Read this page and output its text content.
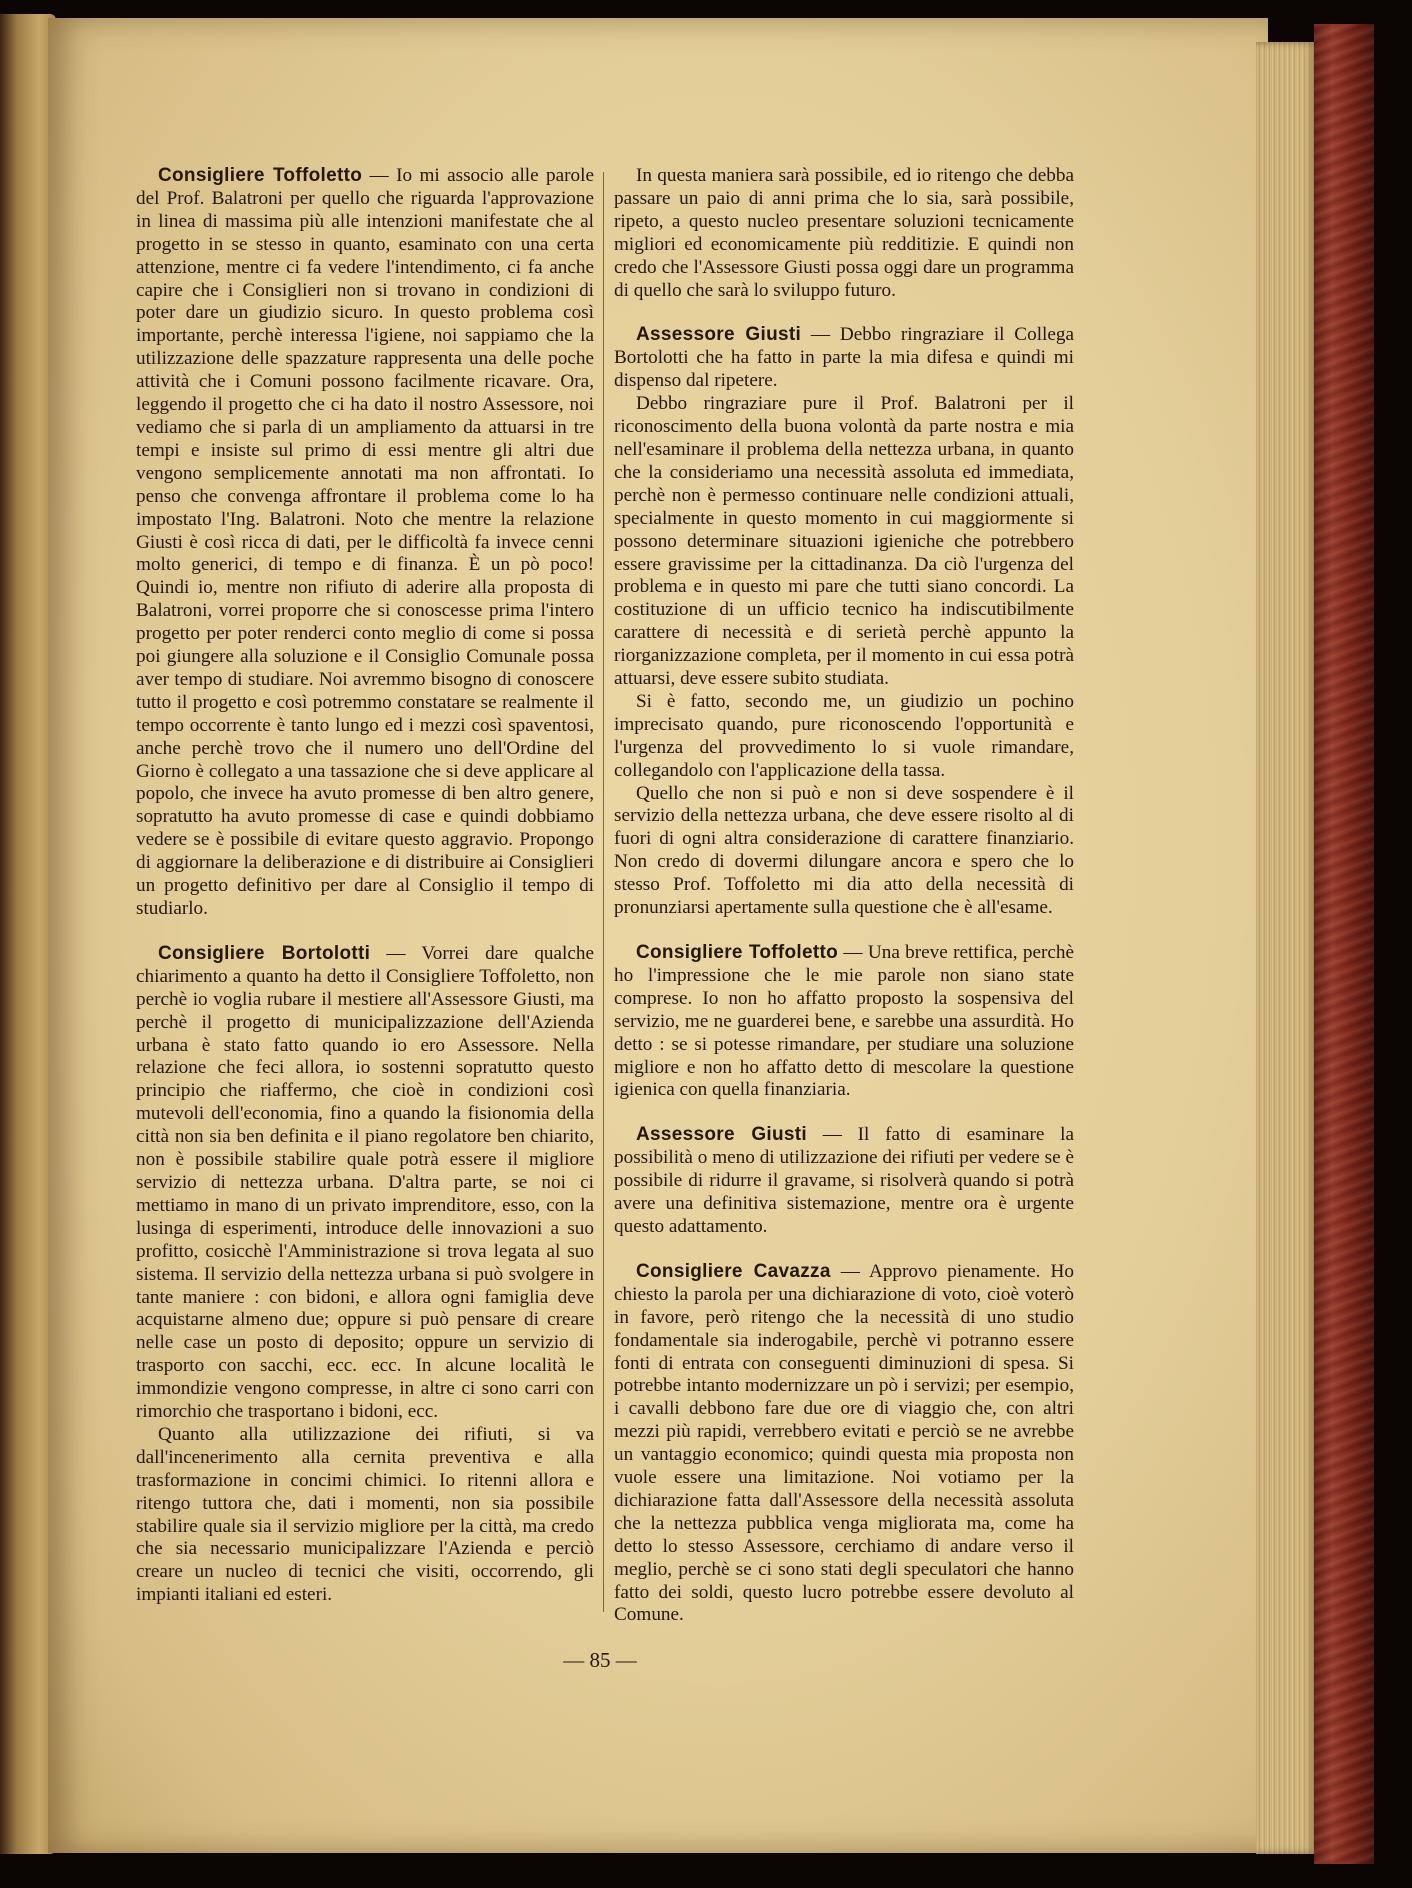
Consigliere Toffoletto — Io mi associo alle parole del Prof. Balatroni per quello che riguarda l'approvazione in linea di massima più alle intenzioni manifestate che al progetto in se stesso in quanto, esaminato con una certa attenzione, mentre ci fa vedere l'intendimento, ci fa anche capire che i Consiglieri non si trovano in condizioni di poter dare un giudizio sicuro. In questo problema così importante, perchè interessa l'igiene, noi sappiamo che la utilizzazione delle spazzature rappresenta una delle poche attività che i Comuni possono facilmente ricavare. Ora, leggendo il progetto che ci ha dato il nostro Assessore, noi vediamo che si parla di un ampliamento da attuarsi in tre tempi e insiste sul primo di essi mentre gli altri due vengono semplicemente annotati ma non affrontati. Io penso che convenga affrontare il problema come lo ha impostato l'Ing. Balatroni. Noto che mentre la relazione Giusti è così ricca di dati, per le difficoltà fa invece cenni molto generici, di tempo e di finanza. È un pò poco! Quindi io, mentre non rifiuto di aderire alla proposta di Balatroni, vorrei proporre che si conoscesse prima l'intero progetto per poter renderci conto meglio di come si possa poi giungere alla soluzione e il Consiglio Comunale possa aver tempo di studiare. Noi avremmo bisogno di conoscere tutto il progetto e così potremmo constatare se realmente il tempo occorrente è tanto lungo ed i mezzi così spaventosi, anche perchè trovo che il numero uno dell'Ordine del Giorno è collegato a una tassazione che si deve applicare al popolo, che invece ha avuto promesse di ben altro genere, sopratutto ha avuto promesse di case e quindi dobbiamo vedere se è possibile di evitare questo aggravio. Propongo di aggiornare la deliberazione e di distribuire ai Consiglieri un progetto definitivo per dare al Consiglio il tempo di studiarlo.

Consigliere Bortolotti — Vorrei dare qualche chiarimento a quanto ha detto il Consigliere Toffoletto, non perchè io voglia rubare il mestiere all'Assessore Giusti, ma perchè il progetto di municipalizzazione dell'Azienda urbana è stato fatto quando io ero Assessore. Nella relazione che feci allora, io sostenni sopratutto questo principio che riaffermo, che cioè in condizioni così mutevoli dell'economia, fino a quando la fisionomia della città non sia ben definita e il piano regolatore ben chiarito, non è possibile stabilire quale potrà essere il migliore servizio di nettezza urbana. D'altra parte, se noi ci mettiamo in mano di un privato imprenditore, esso, con la lusinga di esperimenti, introduce delle innovazioni a suo profitto, cosicchè l'Amministrazione si trova legata al suo sistema. Il servizio della nettezza urbana si può svolgere in tante maniere : con bidoni, e allora ogni famiglia deve acquistarne almeno due; oppure si può pensare di creare nelle case un posto di deposito; oppure un servizio di trasporto con sacchi, ecc. ecc. In alcune località le immondizie vengono compresse, in altre ci sono carri con rimorchio che trasportano i bidoni, ecc.

Quanto alla utilizzazione dei rifiuti, si va dall'incenerimento alla cernita preventiva e alla trasformazione in concimi chimici. Io ritenni allora e ritengo tuttora che, dati i momenti, non sia possibile stabilire quale sia il servizio migliore per la città, ma credo che sia necessario municipalizzare l'Azienda e perciò creare un nucleo di tecnici che visiti, occorrendo, gli impianti italiani ed esteri.

In questa maniera sarà possibile, ed io ritengo che debba passare un paio di anni prima che lo sia, sarà possibile, ripeto, a questo nucleo presentare soluzioni tecnicamente migliori ed economicamente più redditizie. E quindi non credo che l'Assessore Giusti possa oggi dare un programma di quello che sarà lo sviluppo futuro.

Assessore Giusti — Debbo ringraziare il Collega Bortolotti che ha fatto in parte la mia difesa e quindi mi dispenso dal ripetere.

Debbo ringraziare pure il Prof. Balatroni per il riconoscimento della buona volontà da parte nostra e mia nell'esaminare il problema della nettezza urbana, in quanto che la consideriamo una necessità assoluta ed immediata, perchè non è permesso continuare nelle condizioni attuali, specialmente in questo momento in cui maggiormente si possono determinare situazioni igieniche che potrebbero essere gravissime per la cittadinanza. Da ciò l'urgenza del problema e in questo mi pare che tutti siano concordi. La costituzione di un ufficio tecnico ha indiscutibilmente carattere di necessità e di serietà perchè appunto la riorganizzazione completa, per il momento in cui essa potrà attuarsi, deve essere subito studiata.

Si è fatto, secondo me, un giudizio un pochino imprecisato quando, pure riconoscendo l'opportunità e l'urgenza del provvedimento lo si vuole rimandare, collegandolo con l'applicazione della tassa.

Quello che non si può e non si deve sospendere è il servizio della nettezza urbana, che deve essere risolto al di fuori di ogni altra considerazione di carattere finanziario. Non credo di dovermi dilungare ancora e spero che lo stesso Prof. Toffoletto mi dia atto della necessità di pronunziarsi apertamente sulla questione che è all'esame.

Consigliere Toffoletto — Una breve rettifica, perchè ho l'impressione che le mie parole non siano state comprese. Io non ho affatto proposto la sospensiva del servizio, me ne guarderei bene, e sarebbe una assurdità. Ho detto : se si potesse rimandare, per studiare una soluzione migliore e non ho affatto detto di mescolare la questione igienica con quella finanziaria.

Assessore Giusti — Il fatto di esaminare la possibilità o meno di utilizzazione dei rifiuti per vedere se è possibile di ridurre il gravame, si risolverà quando si potrà avere una definitiva sistemazione, mentre ora è urgente questo adattamento.

Consigliere Cavazza — Approvo pienamente. Ho chiesto la parola per una dichiarazione di voto, cioè voterò in favore, però ritengo che la necessità di uno studio fondamentale sia inderogabile, perchè vi potranno essere fonti di entrata con conseguenti diminuzioni di spesa. Si potrebbe intanto modernizzare un pò i servizi; per esempio, i cavalli debbono fare due ore di viaggio che, con altri mezzi più rapidi, verrebbero evitati e perciò se ne avrebbe un vantaggio economico; quindi questa mia proposta non vuole essere una limitazione. Noi votiamo per la dichiarazione fatta dall'Assessore della necessità assoluta che la nettezza pubblica venga migliorata ma, come ha detto lo stesso Assessore, cerchiamo di andare verso il meglio, perchè se ci sono stati degli speculatori che hanno fatto dei soldi, questo lucro potrebbe essere devoluto al Comune.

— 85 —
